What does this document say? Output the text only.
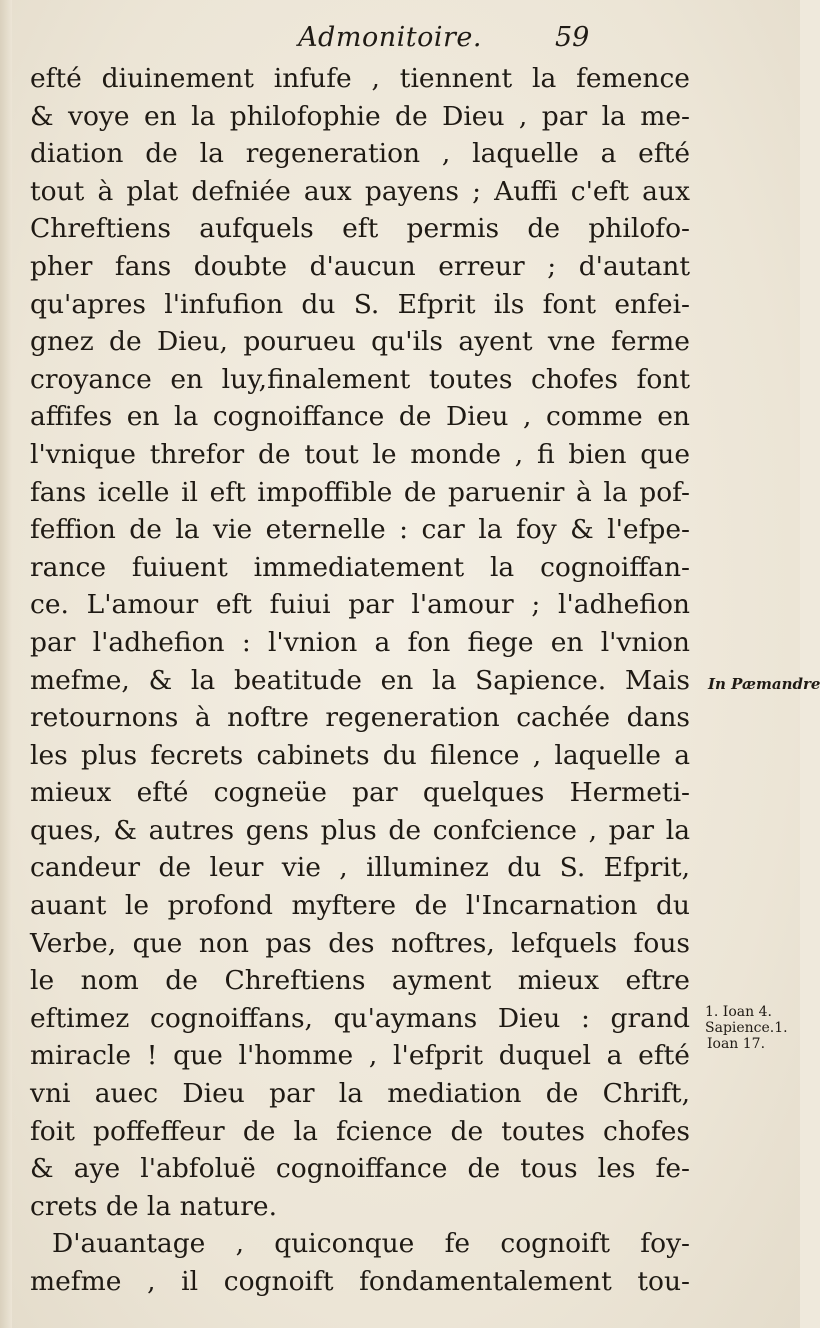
Admonitoire.	59
efté diuinement infufe , tiennent la femence
& voye en la philofophie de Dieu , par la me-
diation de la regeneration , laquelle a efté
tout à plat defniée aux payens ; Auffi c'eft aux
Chreftiens aufquels eft permis de philofo-
pher fans doubte d'aucun erreur ; d'autant
qu'apres l'infufion du S. Efprit ils font enfei-
gnez de Dieu, pourueu qu'ils ayent vne ferme
croyance en luy,finalement toutes chofes font
affifes en la cognoiffance de Dieu , comme en
l'vnique threfor de tout le monde , fi bien que
fans icelle il eft impoffible de paruenir à la pof-
feffion de la vie eternelle : car la foy & l'efpe-
rance fuiuent immediatement la cognoiffan-
ce. L'amour eft fuiui par l'amour ; l'adhefion
par l'adhefion : l'vnion a fon fiege en l'vnion
mefme, & la beatitude en la Sapience. Mais
retournons à noftre regeneration cachée dans
les plus fecrets cabinets du filence , laquelle a
mieux efté cogneüe par quelques Hermeti-
ques, & autres gens plus de confcience , par la
candeur de leur vie , illuminez du S. Efprit,
auant le profond myftere de l'Incarnation du
Verbe, que non pas des noftres, lefquels fous
le nom de Chreftiens ayment mieux eftre
eftimez cognoiffans, qu'aymans Dieu : grand
miracle ! que l'homme , l'efprit duquel a efté
vni auec Dieu par la mediation de Chrift,
foit poffeffeur de la fcience de toutes chofes
& aye l'abfoluë cognoiffance de tous les fe-
crets de la nature.
D'auantage , quiconque fe cognoift foy-
mefme , il cognoift fondamentalement tou-
In Pæmandre
1. Ioan 4.
Sapience.1.
Ioan 17.
